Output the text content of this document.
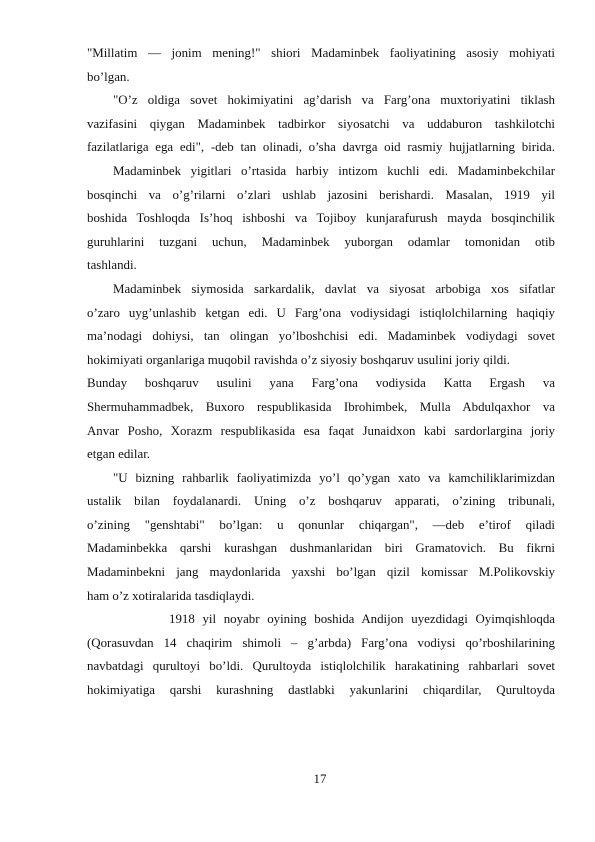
"Millatim — jonim mening!" shiori Madaminbek faoliyatining asosiy mohiyati
bo’lgan.
"O’z oldiga sovet hokimiyatini ag’darish va Farg’ona muxtoriyatini tiklash
vazifasini qiygan Madaminbek tadbirkor siyosatchi va uddaburon tashkilotchi
fazilatlariga ega edi", -deb tan olinadi, o’sha davrga oid rasmiy hujjatlarning birida.
Madaminbek yigitlari o’rtasida harbiy intizom kuchli edi. Madaminbekchilar
bosqinchi va o’g’rilarni o’zlari ushlab jazosini berishardi. Masalan, 1919 yil
boshida Toshloqda Is’hoq ishboshi va Tojiboy kunjarafurush mayda bosqinchilik
guruhlarini tuzgani uchun, Madaminbek yuborgan odamlar tomonidan otib
tashlandi.
Madaminbek siymosida sarkardalik, davlat va siyosat arbobiga xos sifatlar
o’zaro uyg’unlashib ketgan edi. U Farg’ona vodiysidagi istiqlolchilarning haqiqiy
ma’nodagi dohiysi, tan olingan yo’lboshchisi edi. Madaminbek vodiydagi sovet
hokimiyati organlariga muqobil ravishda o’z siyosiy boshqaruv usulini joriy qildi.
Bunday boshqaruv usulini yana Farg’ona vodiysida Katta Ergash va
Shermuhammadbek, Buxoro respublikasida Ibrohimbek, Mulla Abdulqaxhor va
Anvar Posho, Xorazm respublikasida esa faqat Junaidxon kabi sardorlargina joriy
etgan edilar.
"U bizning rahbarlik faoliyatimizda yo’l qo’ygan xato va kamchiliklarimizdan
ustalik bilan foydalanardi. Uning o’z boshqaruv apparati, o’zining tribunali,
o’zining "genshtabi" bo’lgan: u qonunlar chiqargan", —deb e’tirof qiladi
Madaminbekka qarshi kurashgan dushmanlaridan biri Gramatovich. Bu fikrni
Madaminbekni jang maydonlarida yaxshi bo’lgan qizil komissar M.Polikovskiy
ham o’z xotiralarida tasdiqlaydi.
1918 yil noyabr oyining boshida Andijon uyezdidagi Oyimqishloqda
(Qorasuvdan 14 chaqirim shimoli – g’arbda) Farg’ona vodiysi qo’rboshilarining
navbatdagi qurultoyi bo’ldi. Qurultoyda istiqlolchilik harakatining rahbarlari sovet
hokimiyatiga qarshi kurashning dastlabki yakunlarini chiqardilar, Qurultoyda
17
